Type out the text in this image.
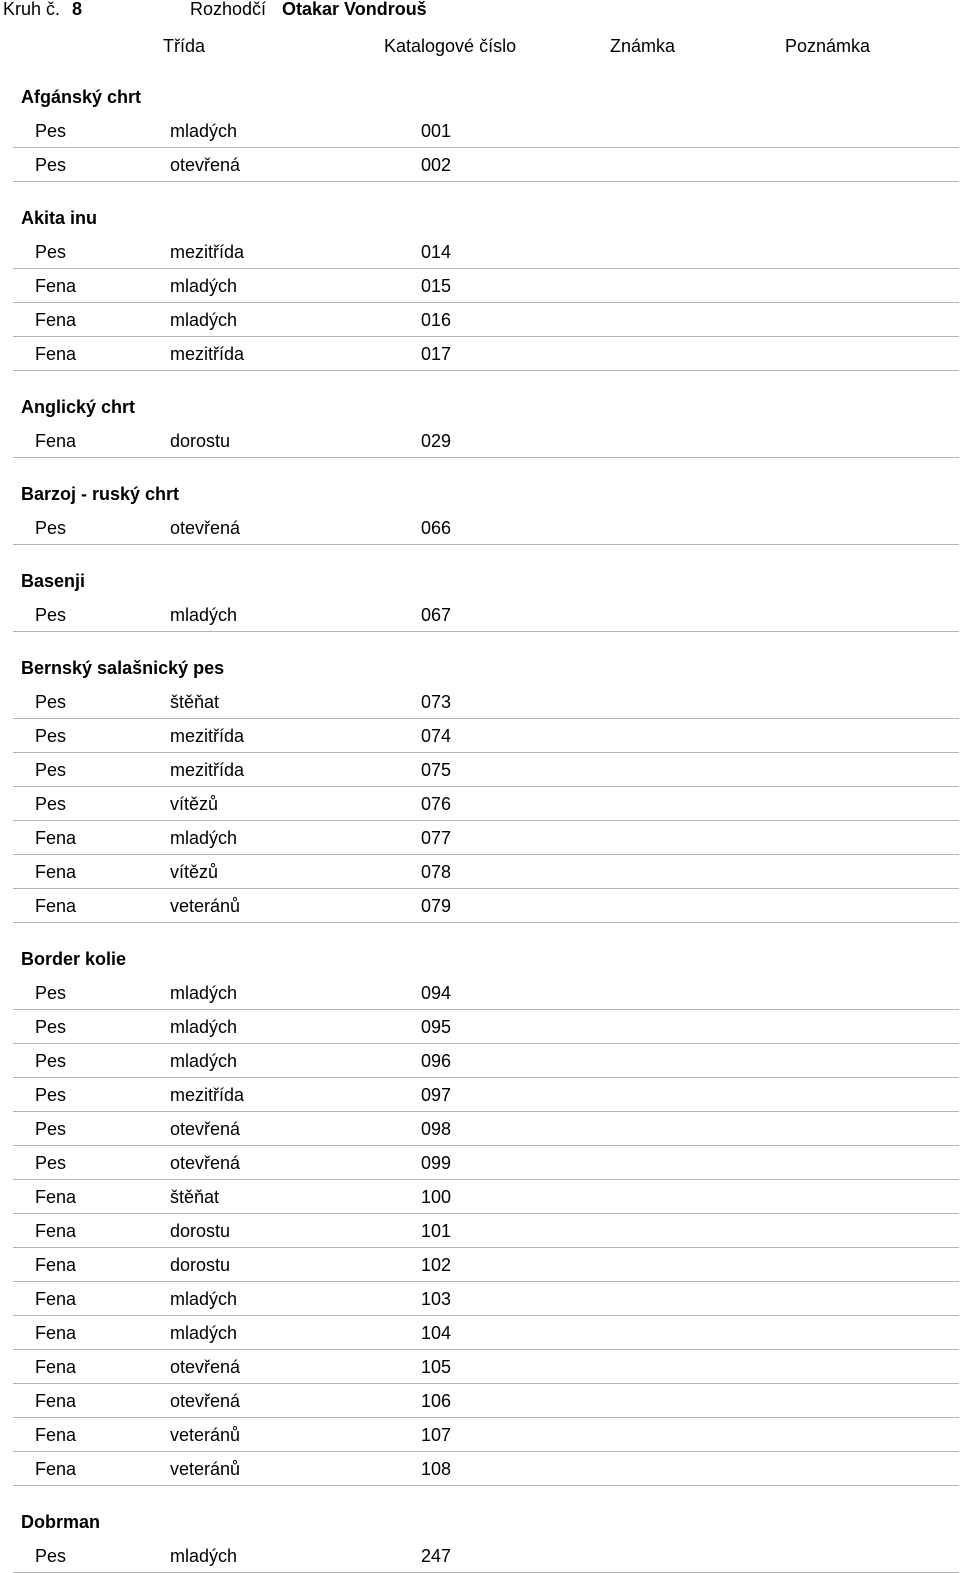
Kruh č. 8	Rozhodčí Otakar Vondrouš
Třída	Katalogové číslo	Známka	Poznámka
Afgánský chrt
Pes	mladých	001
Pes	otevřená	002
Akita inu
Pes	mezitřída	014
Fena	mladých	015
Fena	mladých	016
Fena	mezitřída	017
Anglický chrt
Fena	dorostu	029
Barzoj - ruský chrt
Pes	otevřená	066
Basenji
Pes	mladých	067
Bernský salašnický pes
Pes	štěňat	073
Pes	mezitřída	074
Pes	mezitřída	075
Pes	vítězů	076
Fena	mladých	077
Fena	vítězů	078
Fena	veteránů	079
Border kolie
Pes	mladých	094
Pes	mladých	095
Pes	mladých	096
Pes	mezitřída	097
Pes	otevřená	098
Pes	otevřená	099
Fena	štěňat	100
Fena	dorostu	101
Fena	dorostu	102
Fena	mladých	103
Fena	mladých	104
Fena	otevřená	105
Fena	otevřená	106
Fena	veteránů	107
Fena	veteránů	108
Dobrman
Pes	mladých	247
